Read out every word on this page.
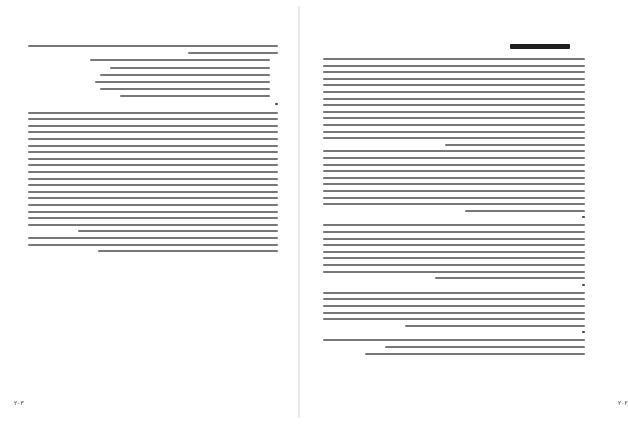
۲۰۳	۲۰۲
